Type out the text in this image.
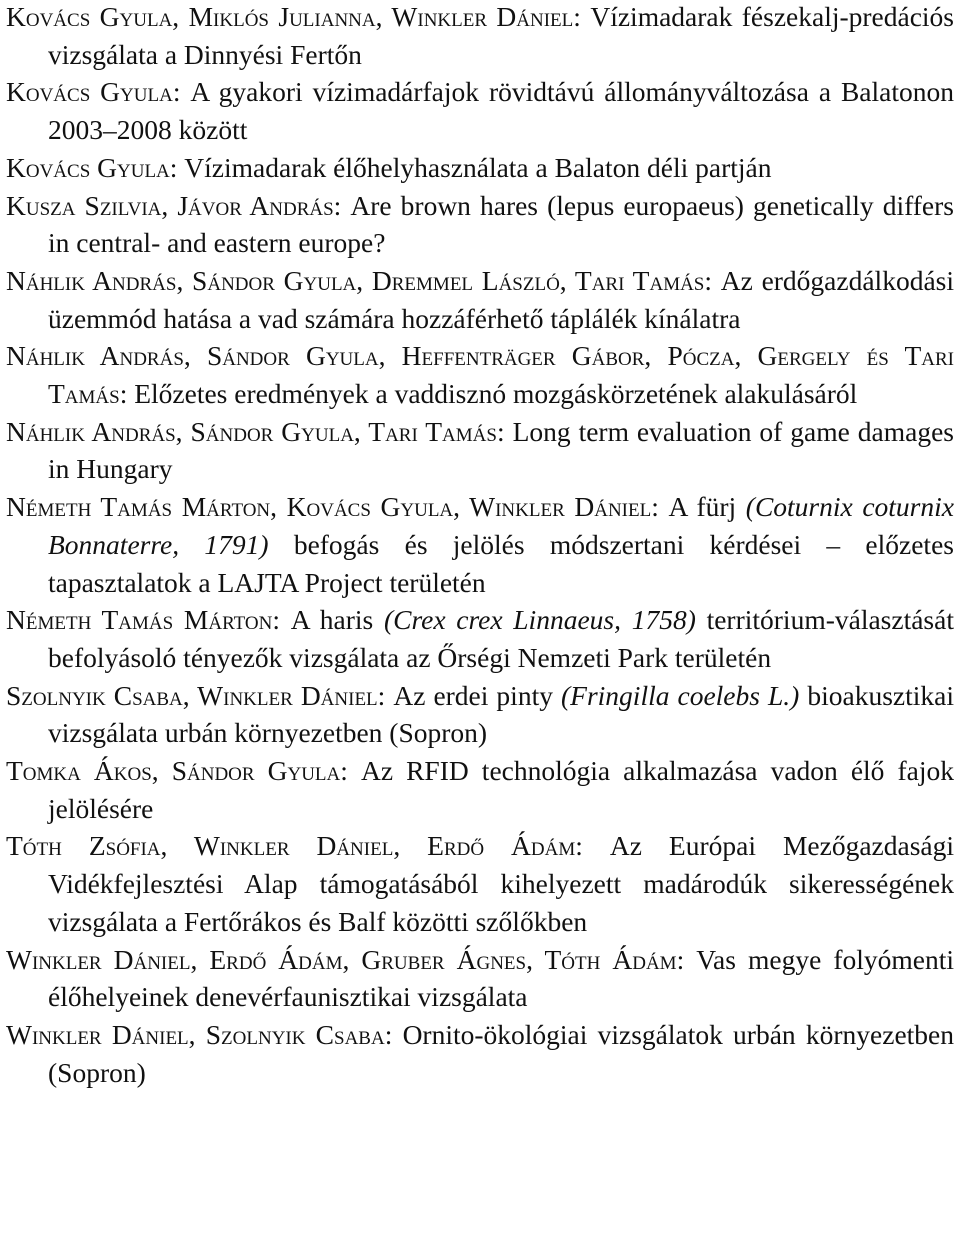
Kovács Gyula, Miklós Julianna, Winkler Dániel : Vízimadarak fészekalj-predációs vizsgálata a Dinnyési Fertőn

Kovács Gyula : A gyakori vízimadárfajok rövidtávú állományváltozása a Balatonon 2003–2008 között

Kovács Gyula : Vízimadarak élőhelyhasználata a Balaton déli partján

Kusza Szilvia, Jávor András : Are brown hares (lepus europaeus) genetically differs in central- and eastern europe?

Náhlik András, Sándor Gyula, Dremmel László, Tari Tamás : Az erdőgazdálkodási üzemmód hatása a vad számára hozzáférhető táplálék kínálatra

Náhlik András, Sándor Gyula, Heffenträger Gábor, Pócza, Gergely és Tari Tamás : Előzetes eredmények a vaddisznó mozgáskörzetének alakulásáról

Náhlik András, Sándor Gyula, Tari Tamás : Long term evaluation of game damages in Hungary

Németh Tamás Márton, Kovács Gyula, Winkler Dániel : A fürj (Coturnix coturnix Bonnaterre, 1791) befogás és jelölés módszertani kérdései – előzetes tapasztalatok a LAJTA Project területén

Németh Tamás Márton : A haris (Crex crex Linnaeus, 1758) territórium-választását befolyásoló tényezők vizsgálata az Őrségi Nemzeti Park területén

Szolnyik Csaba, Winkler Dániel : Az erdei pinty (Fringilla coelebs L.) bioakusztikai vizsgálata urbán környezetben (Sopron)

Tomka Ákos, Sándor Gyula : Az RFID technológia alkalmazása vadon élő fajok jelölésére

Tóth Zsófia, Winkler Dániel, Erdő Ádám : Az Európai Mezőgazdasági Vidékfejlesztési Alap támogatásából kihelyezett madárodúk sikerességének vizsgálata a Fertőrákos és Balf közötti szőlőkben

Winkler Dániel, Erdő Ádám, Gruber Ágnes, Tóth Ádám : Vas megye folyómenti élőhelyeinek denevérfaunisztikai vizsgálata

Winkler Dániel, Szolnyik Csaba : Ornito-ökológiai vizsgálatok urbán környezetben (Sopron)
